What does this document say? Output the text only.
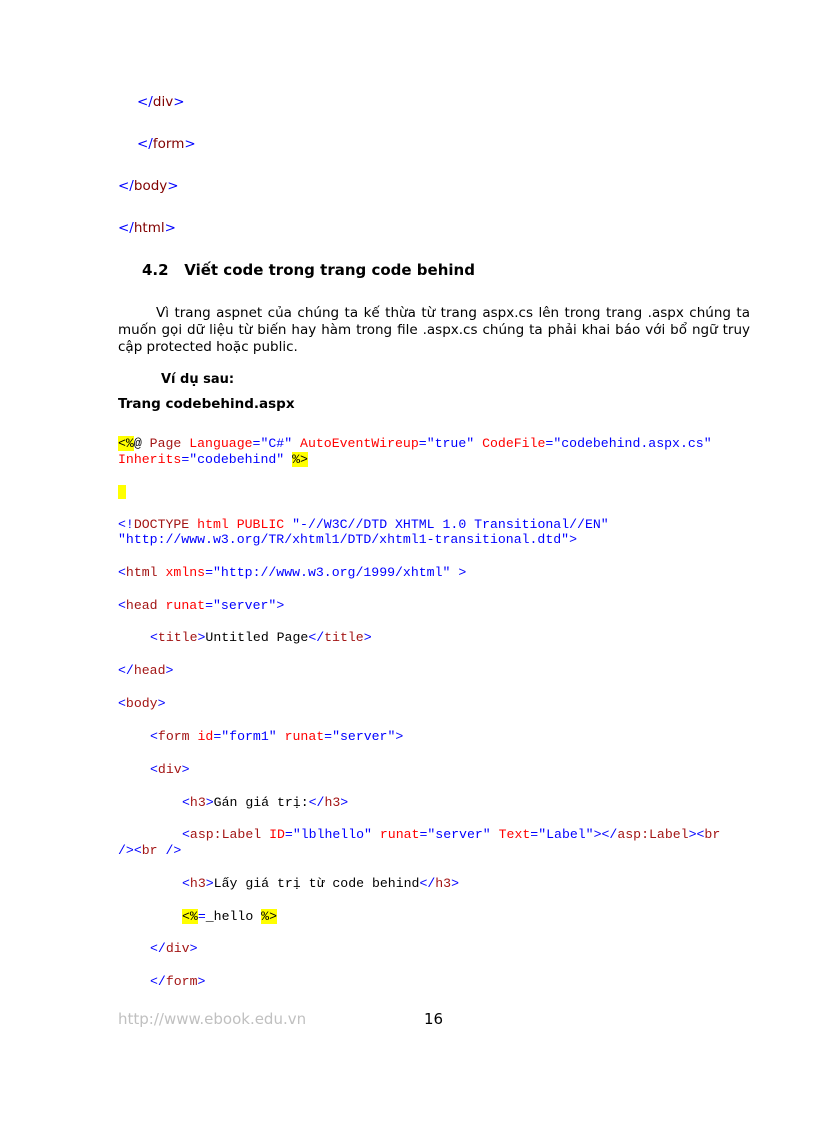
</div>
</form>
</body>
</html>
4.2 Viết code trong trang code behind
Vì trang aspnet của chúng ta kế thừa từ trang aspx.cs lên trong trang .aspx chúng ta muốn gọi dữ liệu từ biến hay hàm trong file .aspx.cs chúng ta phải khai báo với bổ ngữ truy cập protected hoặc public.
Ví dụ sau:
Trang codebehind.aspx
<%@ Page Language="C#" AutoEventWireup="true" CodeFile="codebehind.aspx.cs"
Inherits="codebehind" %>
<!DOCTYPE html PUBLIC "-//W3C//DTD XHTML 1.0 Transitional//EN"
"http://www.w3.org/TR/xhtml1/DTD/xhtml1-transitional.dtd">
<html xmlns="http://www.w3.org/1999/xhtml" >
<head runat="server">
<title>Untitled Page</title>
</head>
<body>
<form id="form1" runat="server">
<div>
<h3>Gán giá trị:</h3>
<asp:Label ID="lblhello" runat="server" Text="Label"></asp:Label><br
/><br />
<h3>Lấy giá trị từ code behind</h3>
<%=_hello %>
</div>
</form>
http://www.ebook.edu.vn	16
